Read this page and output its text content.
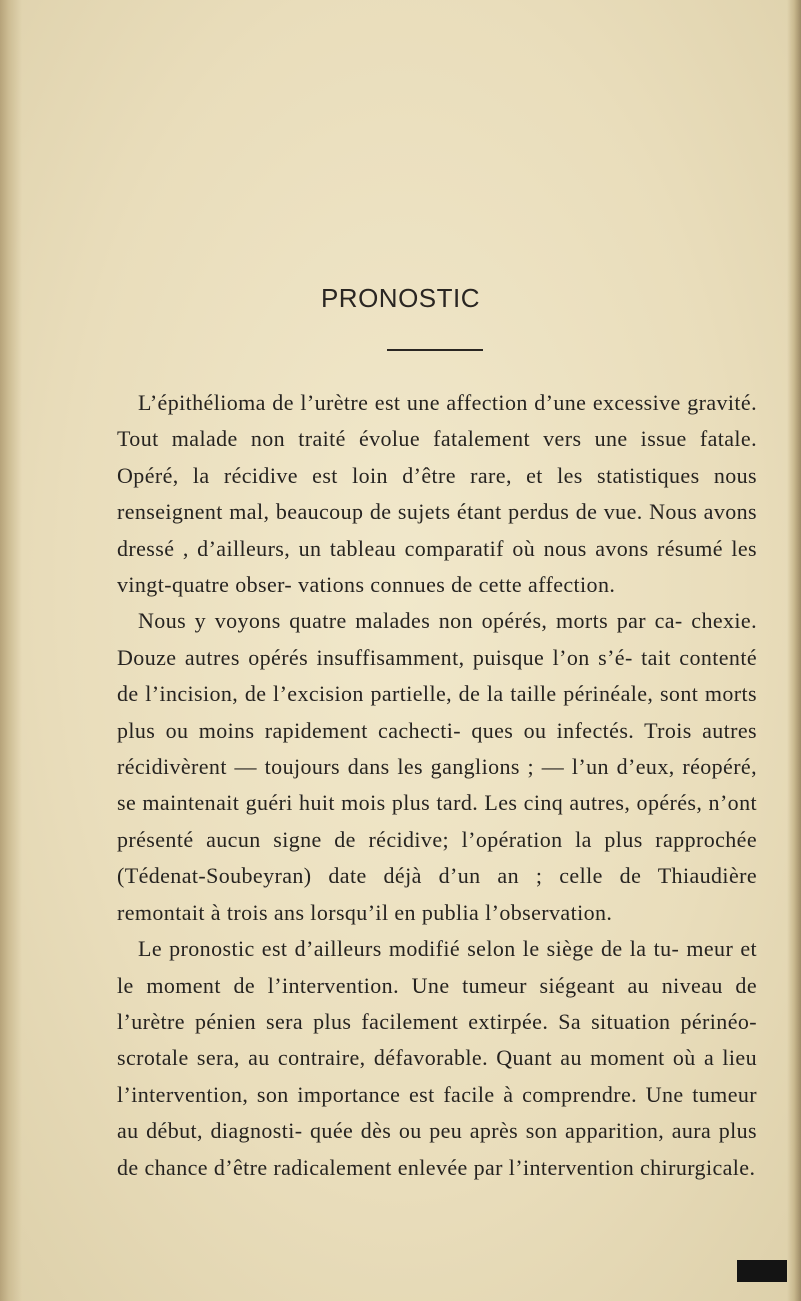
PRONOSTIC

L’épithélioma de l’urètre est une affection d’une excessive gravité. Tout malade non traité évolue fatalement vers une issue fatale. Opéré, la récidive est loin d’être rare, et les statistiques nous renseignent mal, beaucoup de sujets étant perdus de vue. Nous avons dressé , d’ailleurs, un tableau comparatif où nous avons résumé les vingt-quatre obser- vations connues de cette affection.

Nous y voyons quatre malades non opérés, morts par ca- chexie. Douze autres opérés insuffisamment, puisque l’on s’é- tait contenté de l’incision, de l’excision partielle, de la taille périnéale, sont morts plus ou moins rapidement cachecti- ques ou infectés. Trois autres récidivèrent — toujours dans les ganglions ; — l’un d’eux, réopéré, se maintenait guéri huit mois plus tard. Les cinq autres, opérés, n’ont présenté aucun signe de récidive; l’opération la plus rapprochée (Tédenat-Soubeyran) date déjà d’un an ; celle de Thiaudière remontait à trois ans lorsqu’il en publia l’observation.

Le pronostic est d’ailleurs modifié selon le siège de la tu- meur et le moment de l’intervention. Une tumeur siégeant au niveau de l’urètre pénien sera plus facilement extirpée. Sa situation périnéo-scrotale sera, au contraire, défavorable. Quant au moment où a lieu l’intervention, son importance est facile à comprendre. Une tumeur au début, diagnosti- quée dès ou peu après son apparition, aura plus de chance d’être radicalement enlevée par l’intervention chirurgicale.
